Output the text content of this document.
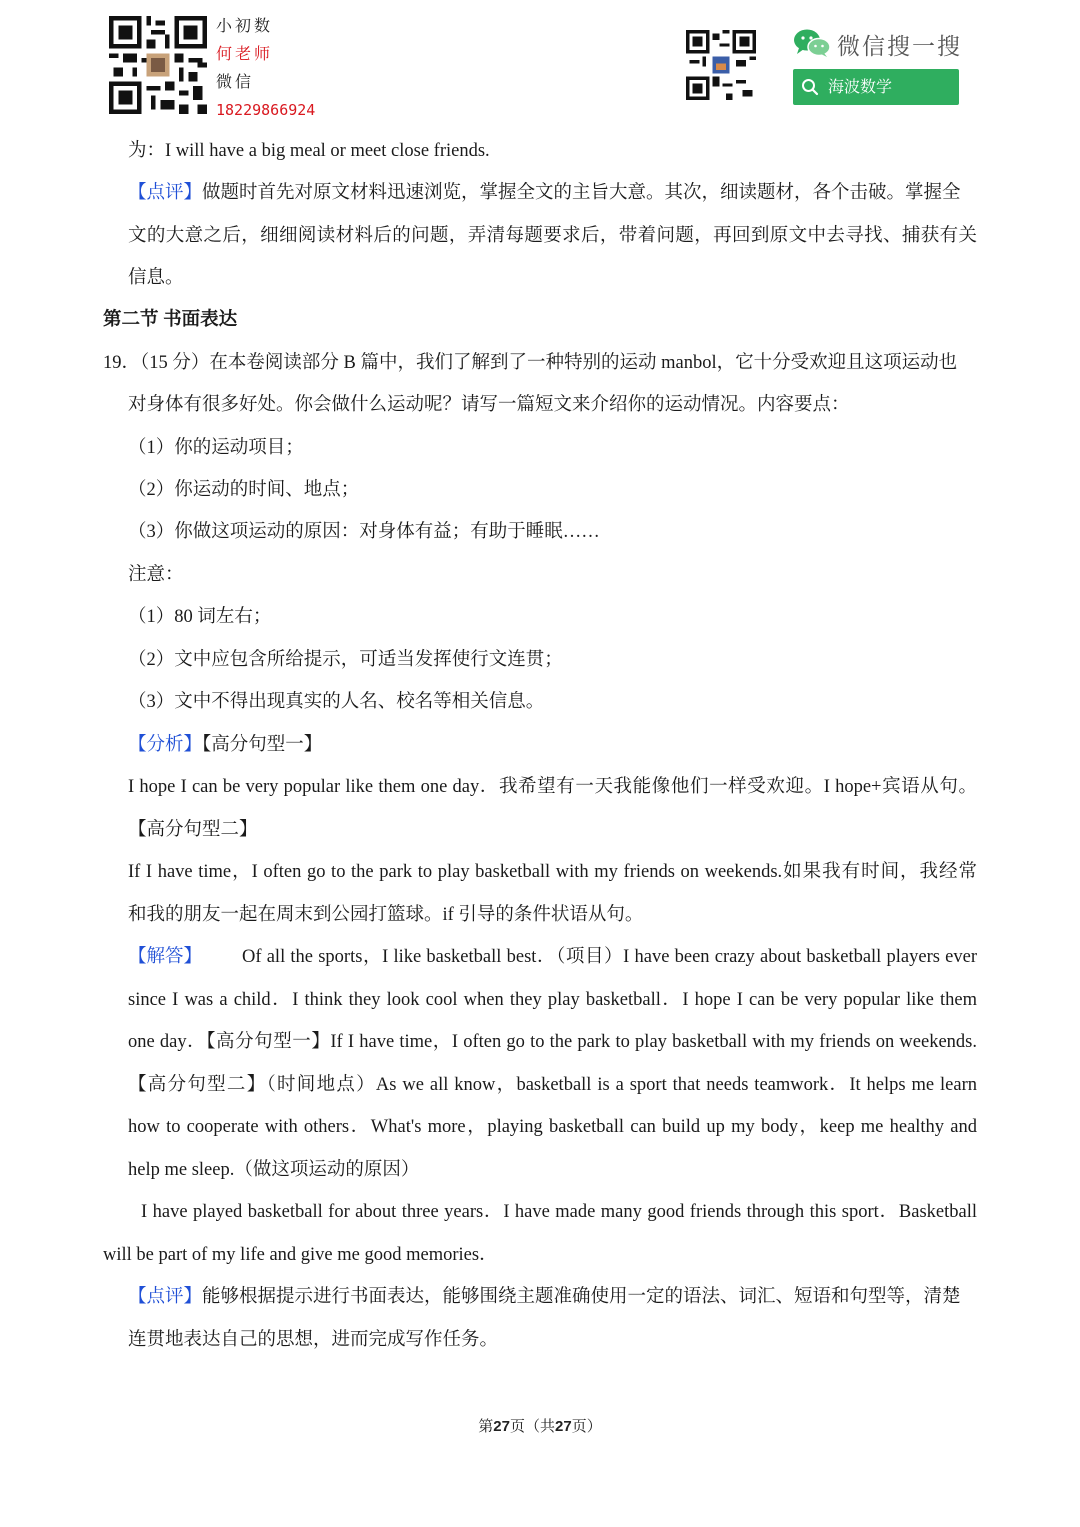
小初数
何老师
微信
18229866924
微信搜一搜
海波数学
为：I will have a big meal or meet close friends.
【点评】做题时首先对原文材料迅速浏览，掌握全文的主旨大意。其次，细读题材，各个击破。掌握全
文的大意之后，细细阅读材料后的问题，弄清每题要求后，带着问题，再回到原文中去寻找、捕获有关
信息。
第二节 书面表达
19．（15 分）在本卷阅读部分 B 篇中，我们了解到了一种特别的运动 manbol，它十分受欢迎且这项运动也
对身体有很多好处。你会做什么运动呢？请写一篇短文来介绍你的运动情况。内容要点：
（1）你的运动项目；
（2）你运动的时间、地点；
（3）你做这项运动的原因：对身体有益；有助于睡眠……
注意：
（1）80 词左右；
（2）文中应包含所给提示，可适当发挥使行文连贯；
（3）文中不得出现真实的人名、校名等相关信息。
【分析】【高分句型一】
I hope I can be very popular like them one day．我希望有一天我能像他们一样受欢迎。I hope+宾语从句。
【高分句型二】
If I have time，I often go to the park to play basketball with my friends on weekends.如果我有时间，我经常
和我的朋友一起在周末到公园打篮球。if 引导的条件状语从句。
【解答】 Of all the sports，I like basketball best．（项目）I have been crazy about basketball players ever
since I was a child．I think they look cool when they play basketball．I hope I can be very popular like them
one day．【高分句型一】If I have time，I often go to the park to play basketball with my friends on weekends.
【高分句型二】（时间地点）As we all know，basketball is a sport that needs teamwork．It helps me learn
how to cooperate with others．What's more，playing basketball can build up my body，keep me healthy and
help me sleep.（做这项运动的原因）
I have played basketball for about three years．I have made many good friends through this sport．Basketball
will be part of my life and give me good memories．
【点评】能够根据提示进行书面表达，能够围绕主题准确使用一定的语法、词汇、短语和句型等，清楚
连贯地表达自己的思想，进而完成写作任务。
第27页（共27页）
